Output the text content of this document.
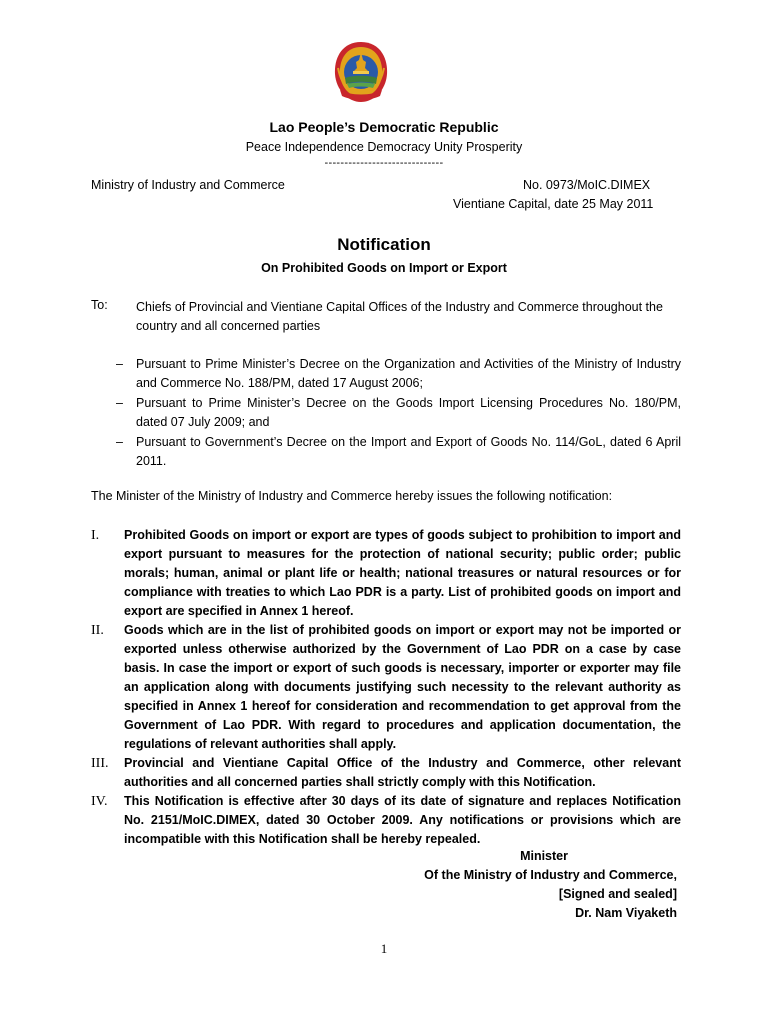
Lao People’s Democratic Republic
Peace Independence Democracy Unity Prosperity
------------------------------
Ministry of Industry and Commerce	No. 0973/MoIC.DIMEX
Vientiane Capital, date 25 May 2011
Notification
On Prohibited Goods on Import or Export
To: Chiefs of Provincial and Vientiane Capital Offices of the Industry and Commerce throughout the country and all concerned parties
– Pursuant to Prime Minister’s Decree on the Organization and Activities of the Ministry of Industry and Commerce No. 188/PM, dated 17 August 2006;
– Pursuant to Prime Minister’s Decree on the Goods Import Licensing Procedures No. 180/PM, dated 07 July 2009; and
– Pursuant to Government’s Decree on the Import and Export of Goods No. 114/GoL, dated 6 April 2011.
The Minister of the Ministry of Industry and Commerce hereby issues the following notification:
I. Prohibited Goods on import or export are types of goods subject to prohibition to import and export pursuant to measures for the protection of national security; public order; public morals; human, animal or plant life or health; national treasures or natural resources or for compliance with treaties to which Lao PDR is a party. List of prohibited goods on import and export are specified in Annex 1 hereof.
II. Goods which are in the list of prohibited goods on import or export may not be imported or exported unless otherwise authorized by the Government of Lao PDR on a case by case basis. In case the import or export of such goods is necessary, importer or exporter may file an application along with documents justifying such necessity to the relevant authority as specified in Annex 1 hereof for consideration and recommendation to get approval from the Government of Lao PDR. With regard to procedures and application documentation, the regulations of relevant authorities shall apply.
III. Provincial and Vientiane Capital Office of the Industry and Commerce, other relevant authorities and all concerned parties shall strictly comply with this Notification.
IV. This Notification is effective after 30 days of its date of signature and replaces Notification No. 2151/MoIC.DIMEX, dated 30 October 2009. Any notifications or provisions which are incompatible with this Notification shall be hereby repealed.
Minister
Of the Ministry of Industry and Commerce,
[Signed and sealed]
Dr. Nam Viyaketh
1
